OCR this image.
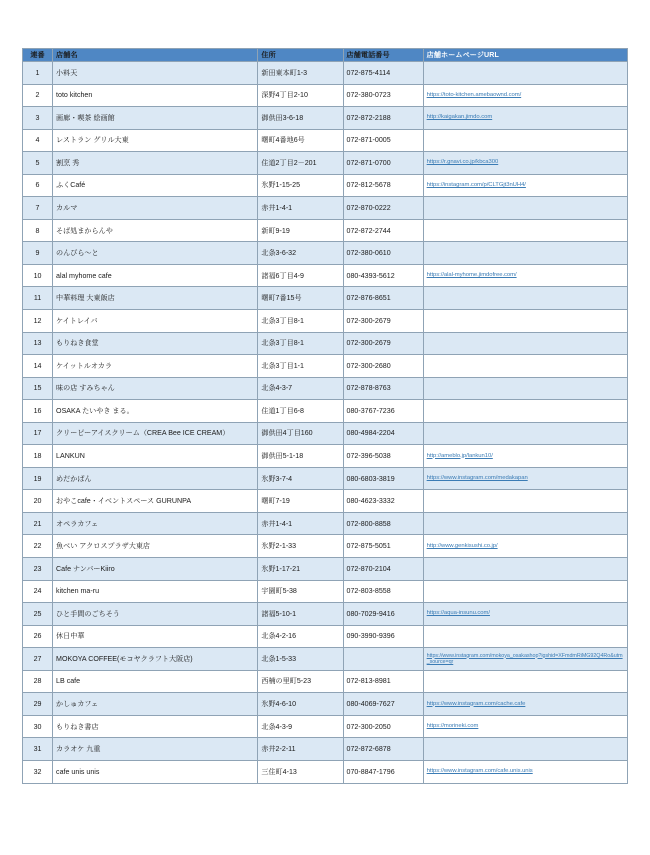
連番	店舗名	住所	店舗電話番号	店舗ホームページURL
1	小料天	新田東本町1-3	072-875-4114	
2	toto kitchen	深野4丁目2-10	072-380-0723	https://toto-kitchen.amebaownd.com/

3	画廊・喫茶 絵画館	御供田3-6-18	072-872-2188	http://kaigakan.jimdo.com

4	レストラン グリル大東	曙町4番地6号	072-871-0005	
5	割烹 秀	住道2丁目2－201	072-871-0700	https://r.gnavi.co.jp/kbca300

6	ふくCafé	氷野1-15-25	072-812-5678	https://instagram.com/p/CLTGjt3nUH4/

7	カルマ	赤井1-4-1	072-870-0222	
8	そば処まからんや	新町9-19	072-872-2744	
9	のんびら～と	北条3-6-32	072-380-0610	
10	alal myhome cafe	諸福6丁目4-9	080-4393-5612	https://alal-myhome.jimdofree.com/

11	中華料理 大東飯店	曙町7番15号	072-876-8651	
12	ケイトレイバ	北条3丁目8-1	072-300-2679	
13	もりねき食堂	北条3丁目8-1	072-300-2679	
14	ケイットルオカラ	北条3丁目1-1	072-300-2680	
15	味の店 すみちゃん	北条4-3-7	072-878-8763	
16	OSAKA たいやき まる。	住道1丁目6-8	080-3767-7236	
17	クリーピーアイスクリーム（CREA Bee ICE CREAM）	御供田4丁目160	080-4984-2204	
18	LANKUN	御供田5-1-18	072-396-5038	http://ameblo.jp/lankun10/

19	めだかぱん	氷野3-7-4	080-6803-3819	https://www.instagram.com/medakapan

20	おやこcafe・イベントスペース GURUNPA	曙町7-19	080-4623-3332	
21	オペラカフェ	赤井1-4-1	072-800-8858	
22	魚べい アクロスプラザ大東店	氷野2-1-33	072-875-5051	http://www.genkisushi.co.jp/

23	Cafe ナンバーKiiro	氷野1-17-21	072-870-2104	
24	kitchen ma-ru	宇園町5-38	072-803-8558	
25	ひと手間のごちそう	諸福5-10-1	080-7029-9416	https://aqua-insunu.com/

26	休日中華	北条4-2-16	090-3990-9396	
27	MOKOYA COFFEE(モコヤクラフト大阪店)	北条1-5-33		https://www.instagram.com/mokoya_osakashop?igshid=XFmdmRiMG92Q4Ro&utm_source=qr

28	LB cafe	西楠の里町5-23	072-813-8981	
29	かしゅカフェ	氷野4-6-10	080-4069-7627	https://www.instagram.com/cache.cafe

30	もりねき書店	北条4-3-9	072-300-2050	https://morineki.com

31	カラオケ 九重	赤井2-2-11	072-872-6878	
32	cafe unis unis	三住町4-13	070-8847-1796	https://www.instagram.com/cafe.unis.unis
